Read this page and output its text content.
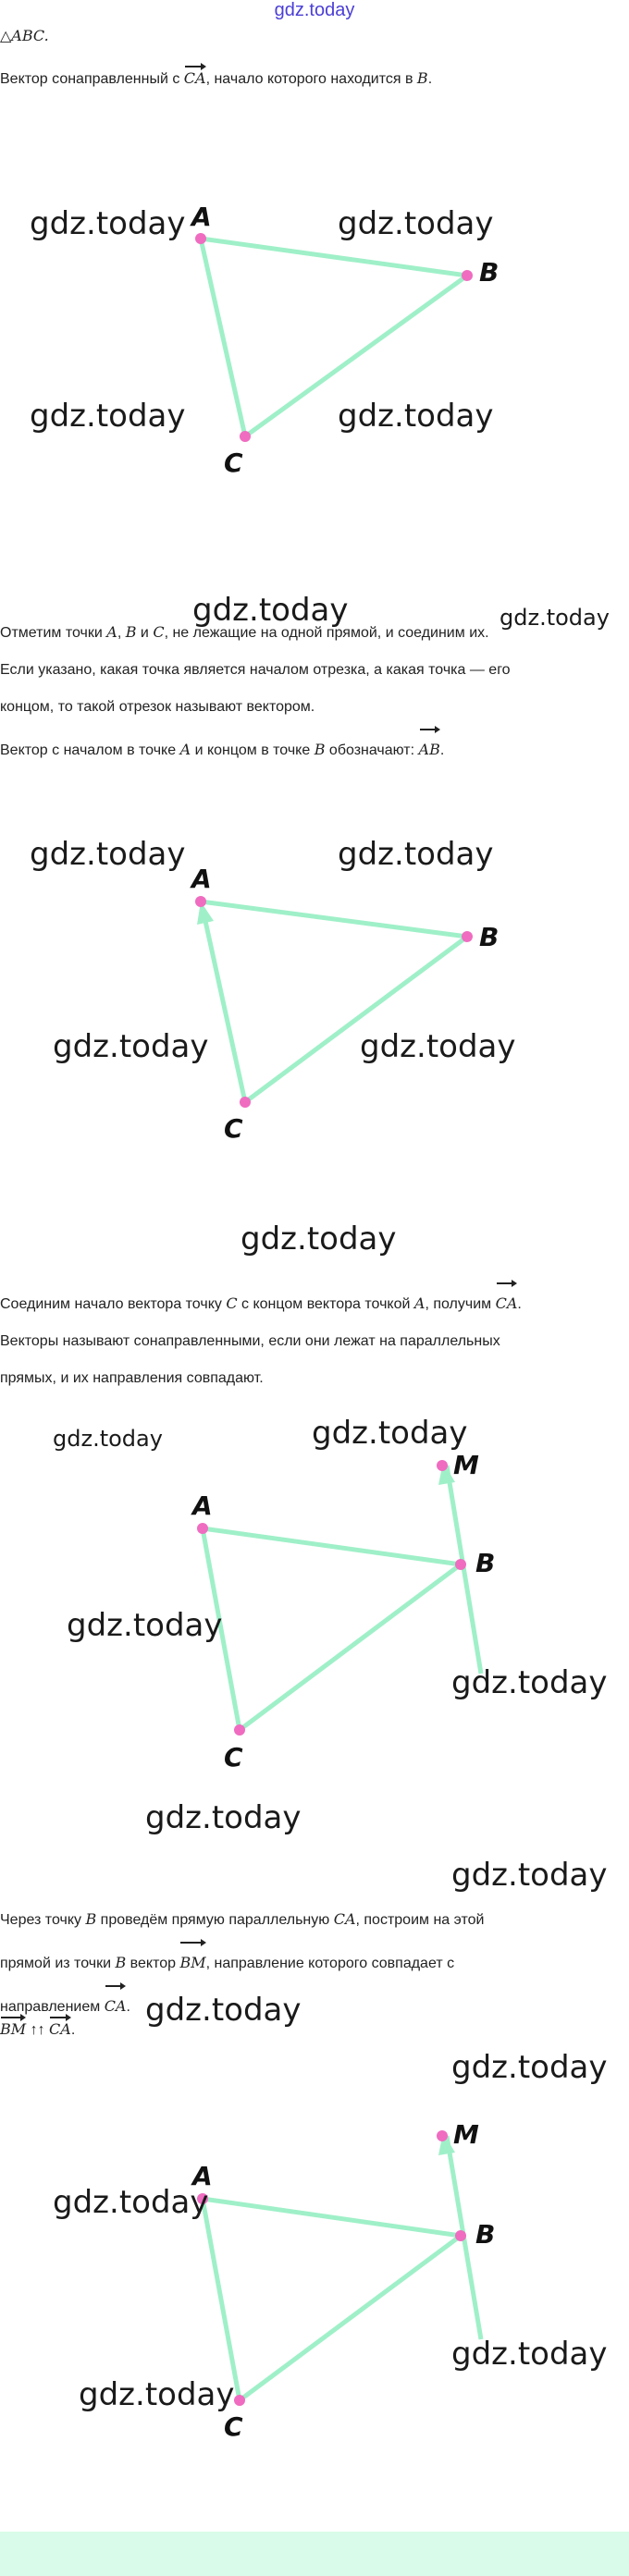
gdz.today
△ABC.
Вектор сонаправленный с CA, начало которого находится в B.
A
B
C
Отметим точки A, B и C, не лежащие на одной прямой, и соединим их.
Если указано, какая точка является началом отрезка, а какая точка — его
концом, то такой отрезок называют вектором.
Вектор с началом в точке A и концом в точке B обозначают: AB.
A
B
C
Соединим начало вектора точку C с концом вектора точкой A, получим CA.
Векторы называют сонаправленными, если они лежат на параллельных
прямых, и их направления совпадают.
A
B
C
M
Через точку B проведём прямую параллельную CA, построим на этой
прямой из точки B вектор BM, направление которого совпадает с
направлением CA.
BM ↑↑ CA.
A
B
C
M
gdz.today	gdz.today
gdz.today	gdz.today
gdz.today	gdz.today
gdz.today	gdz.today
gdz.today	gdz.today
gdz.today
gdz.today	gdz.today
gdz.today
gdz.today
gdz.today
gdz.today
gdz.today
gdz.today
gdz.today
gdz.today
gdz.today
